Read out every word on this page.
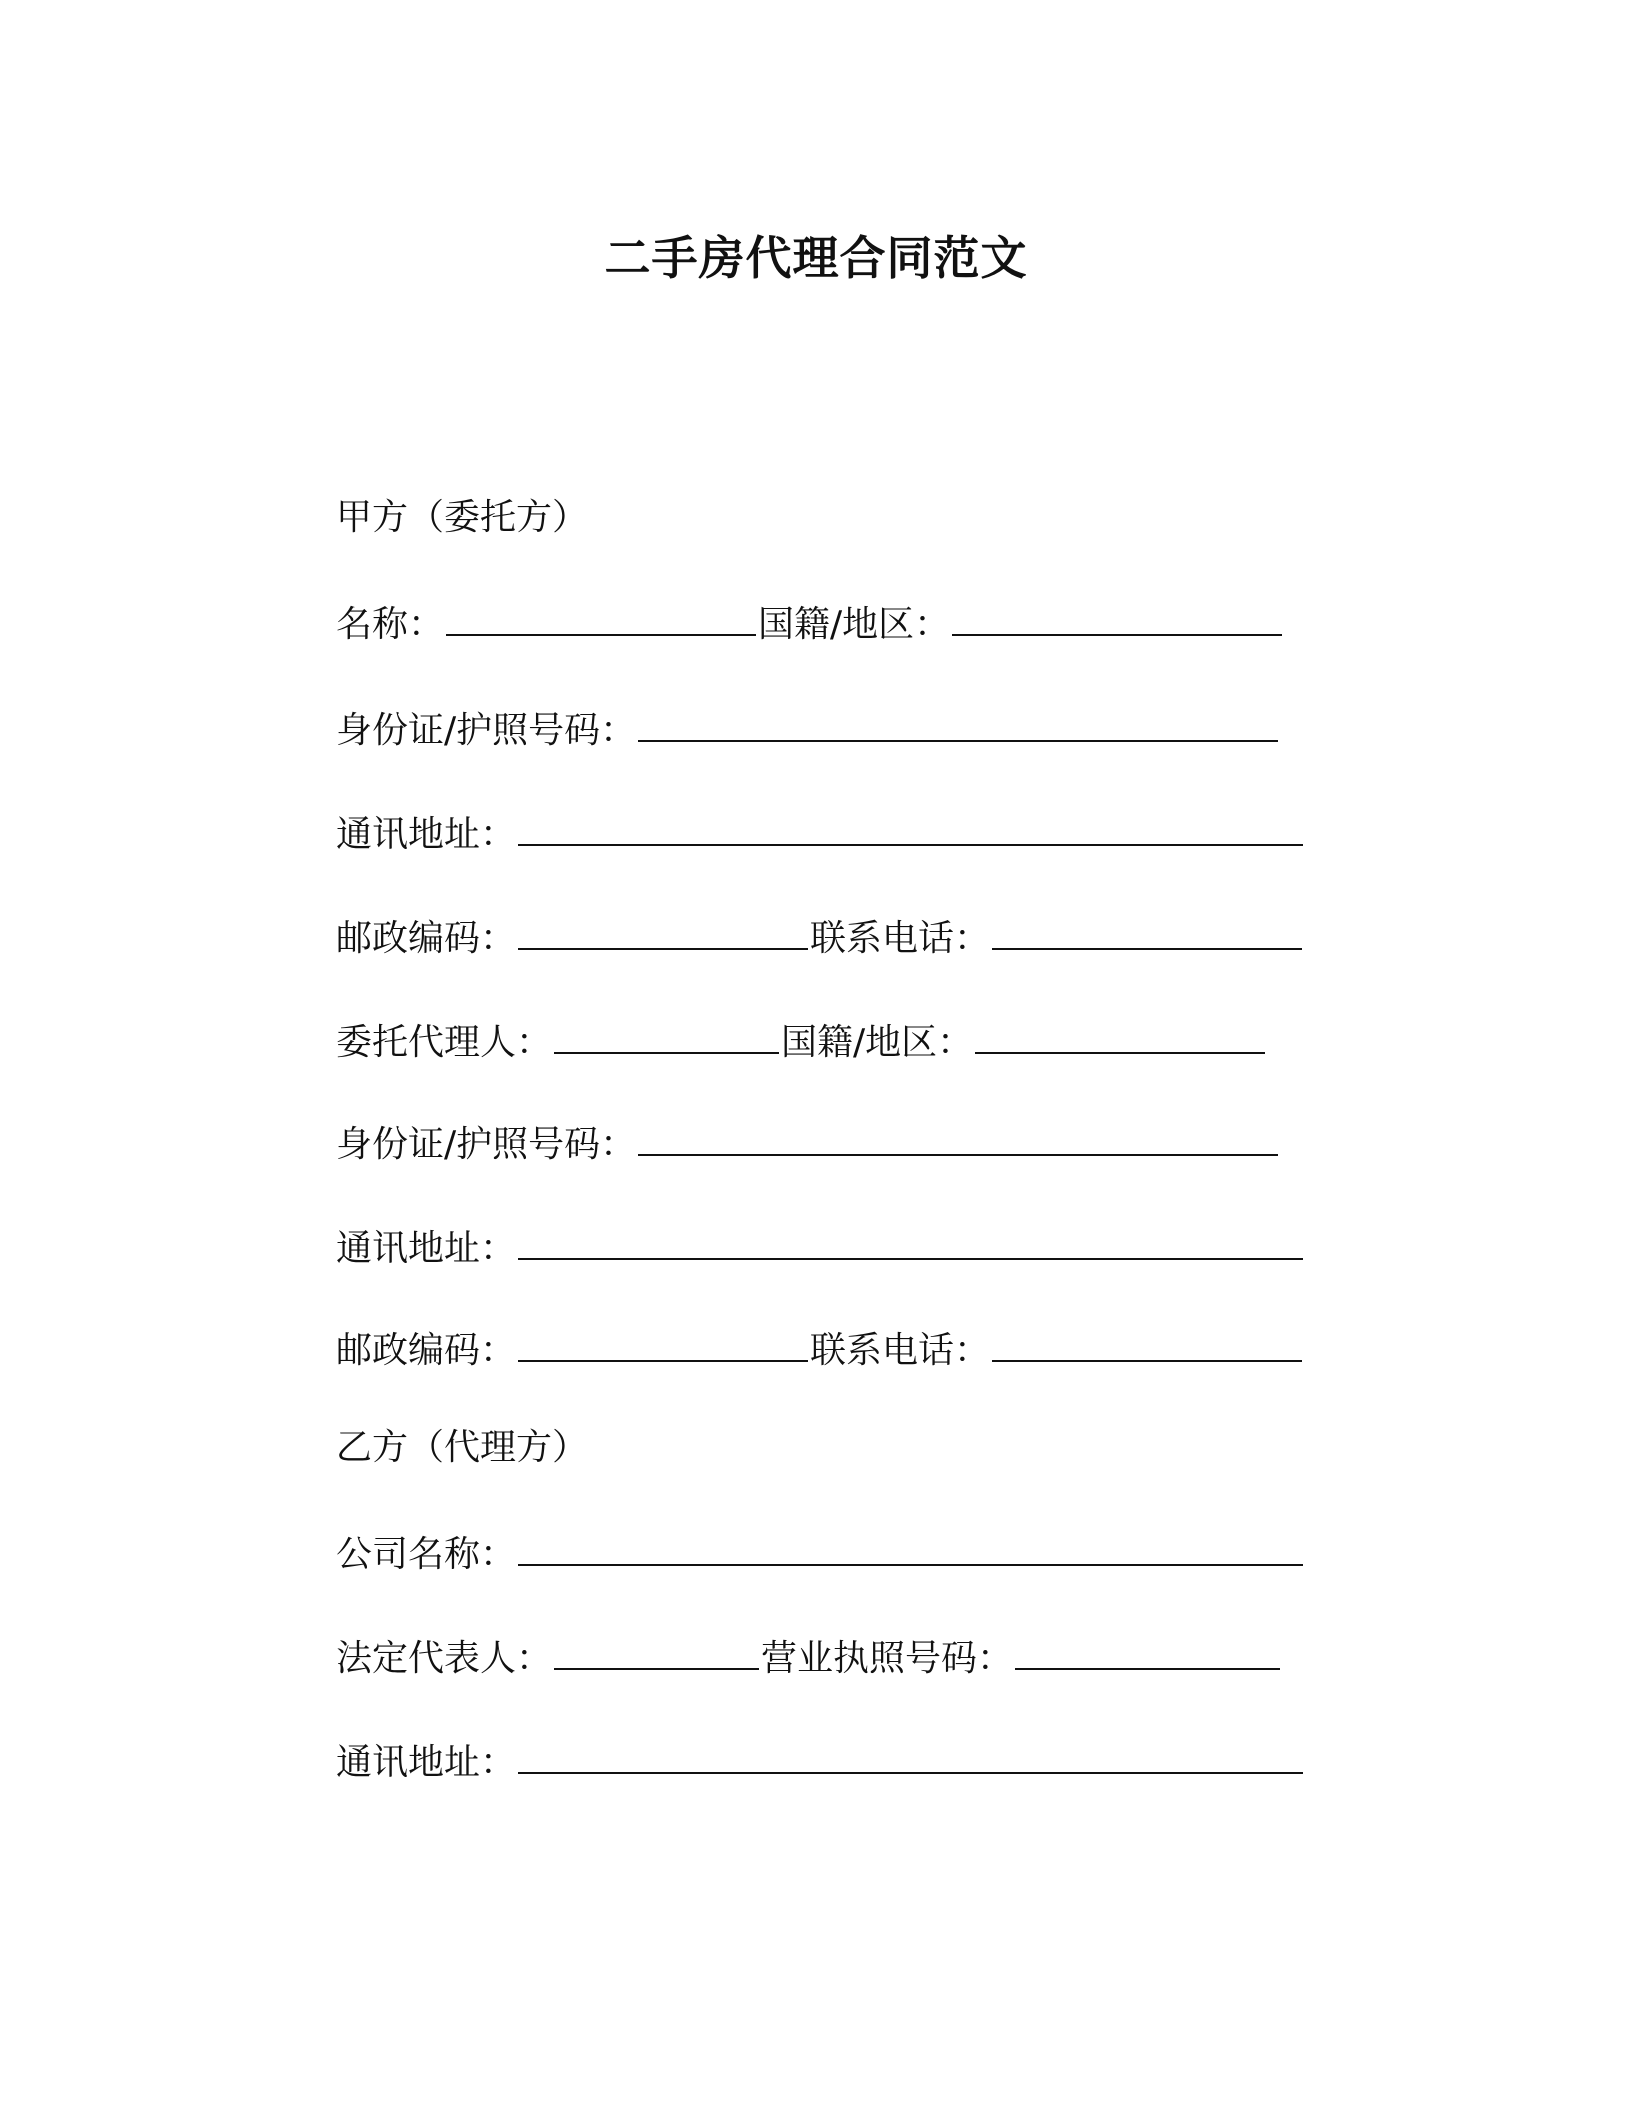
二手房代理合同范文
甲方（委托方）
名称：	国籍/地区：
身份证/护照号码：
通讯地址：
邮政编码：	联系电话：
委托代理人：	国籍/地区：
身份证/护照号码：
通讯地址：
邮政编码：	联系电话：
乙方（代理方）
公司名称：
法定代表人：	营业执照号码：
通讯地址：
